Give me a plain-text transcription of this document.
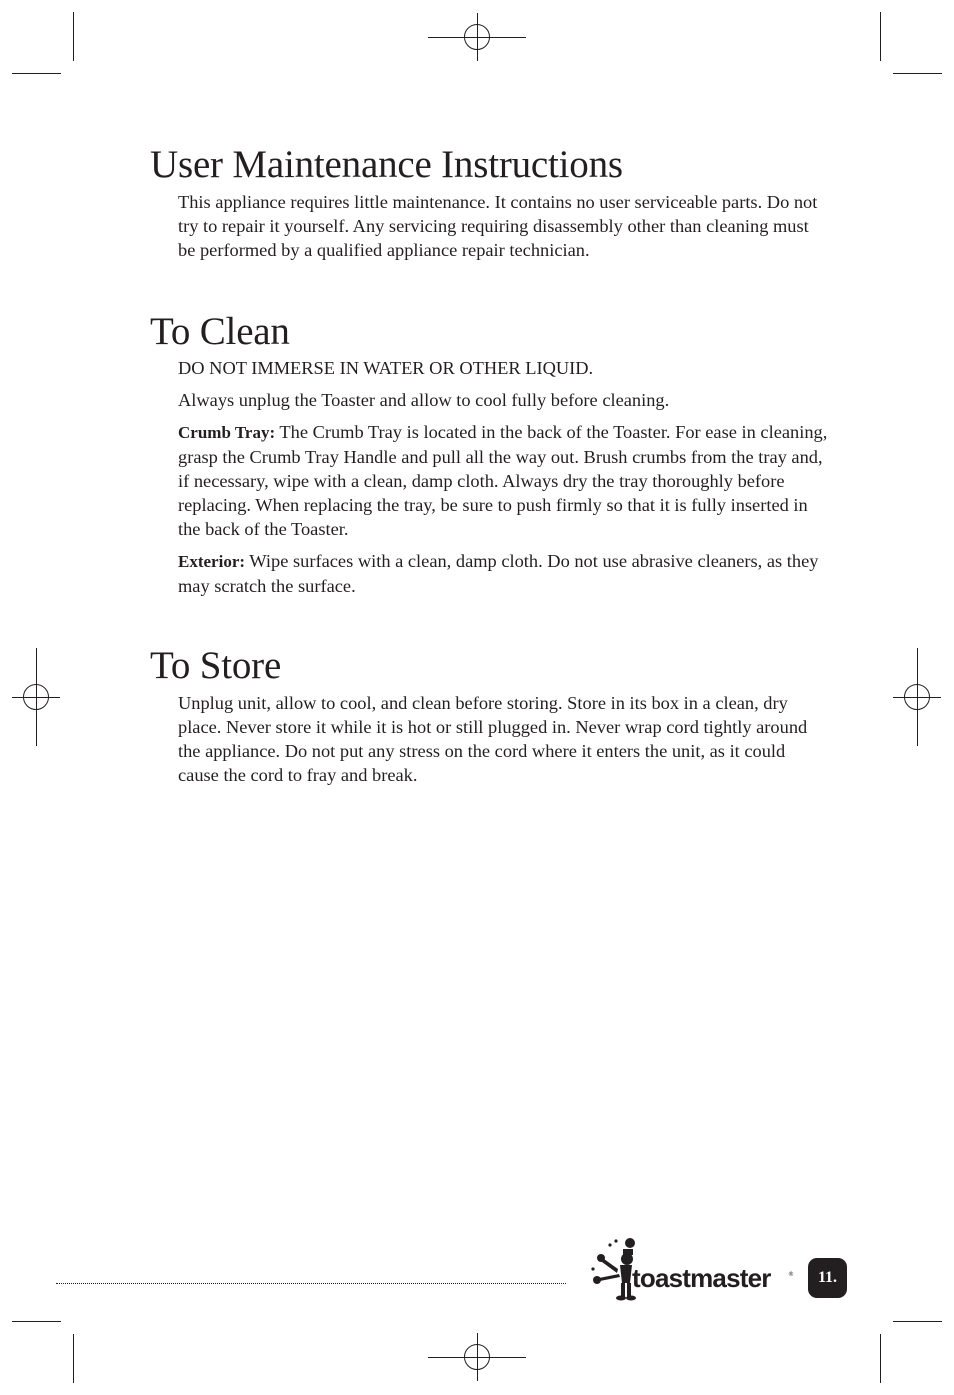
User Maintenance Instructions

This appliance requires little maintenance. It contains no user serviceable parts. Do not try to repair it yourself. Any servicing requiring disassembly other than cleaning must be performed by a qualified appliance repair technician.

To Clean

DO NOT IMMERSE IN WATER OR OTHER LIQUID.

Always unplug the Toaster and allow to cool fully before cleaning.

Crumb Tray: The Crumb Tray is located in the back of the Toaster. For ease in cleaning, grasp the Crumb Tray Handle and pull all the way out. Brush crumbs from the tray and, if necessary, wipe with a clean, damp cloth. Always dry the tray thoroughly before replacing. When replacing the tray, be sure to push firmly so that it is fully inserted in the back of the Toaster.

Exterior: Wipe surfaces with a clean, damp cloth. Do not use abrasive cleaners, as they may scratch the surface.

To Store

Unplug unit, allow to cool, and clean before storing. Store in its box in a clean, dry place. Never store it while it is hot or still plugged in. Never wrap cord tightly around the appliance. Do not put any stress on the cord where it enters the unit, as it could cause the cord to fray and break.

toastmaster	® 11.
